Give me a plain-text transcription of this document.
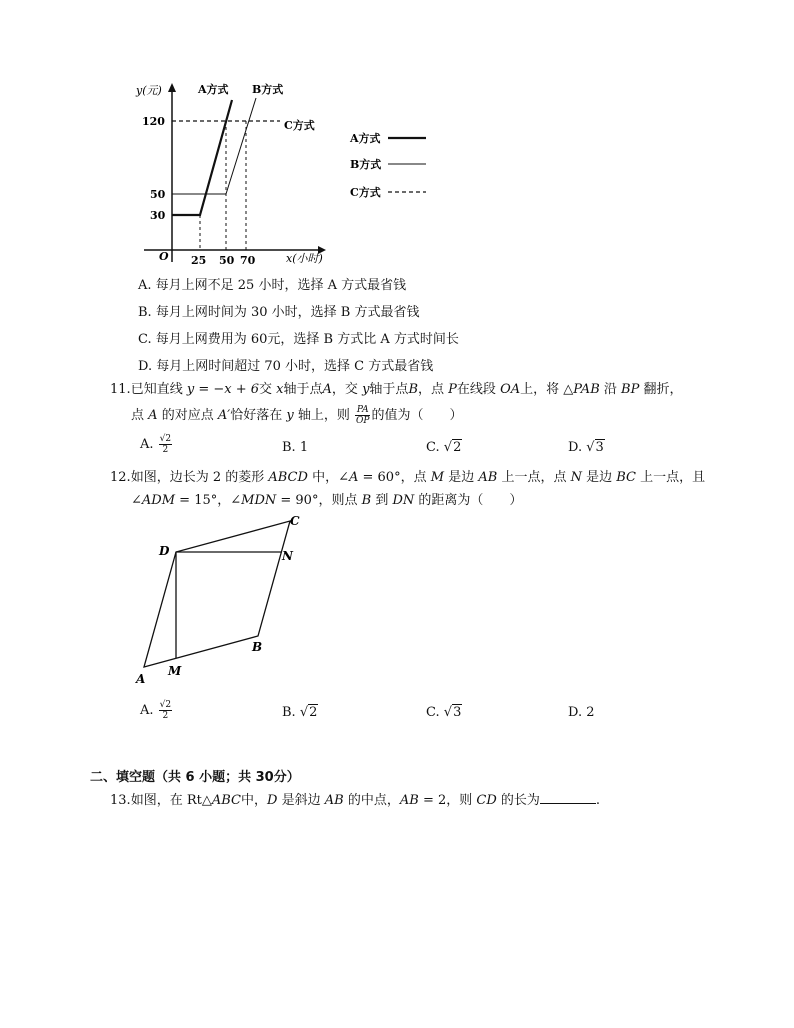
y(元)
x(小时)
O
120
50
30
25 50 70
A方式 B方式
C方式
A方式
B方式
C方式
A. 每月上网不足 25 小时，选择 A 方式最省钱
B. 每月上网时间为 30 小时，选择 B 方式最省钱
C. 每月上网费用为 60元，选择 B 方式比 A 方式时间长
D. 每月上网时间超过 70 小时，选择 C 方式最省钱
11.已知直线 y = −x + 6交 x轴于点A，交 y轴于点B，点 P在线段 OA上，将 △PAB 沿 BP 翻折，
点 A 的对应点 A′恰好落在 y 轴上，则 $\frac{PA}{OP}$ 的值为（　　）
A. $\frac{√2}{2}$	B. 1	C. √2	D. √3
12.如图，边长为 2 的菱形 ABCD 中，∠A = 60°，点 M 是边 AB 上一点，点 N 是边 BC 上一点，且
∠ADM = 15°，∠MDN = 90°，则点 B 到 DN 的距离为（　　）
A
B
C
D
M
N
A. $\frac{√2}{2}$	B. √2	C. √3	D. 2
二、填空题（共 6 小题；共 30分）
13.如图，在 Rt△ABC中，D 是斜边 AB 的中点，AB = 2，则 CD 的长为	.
